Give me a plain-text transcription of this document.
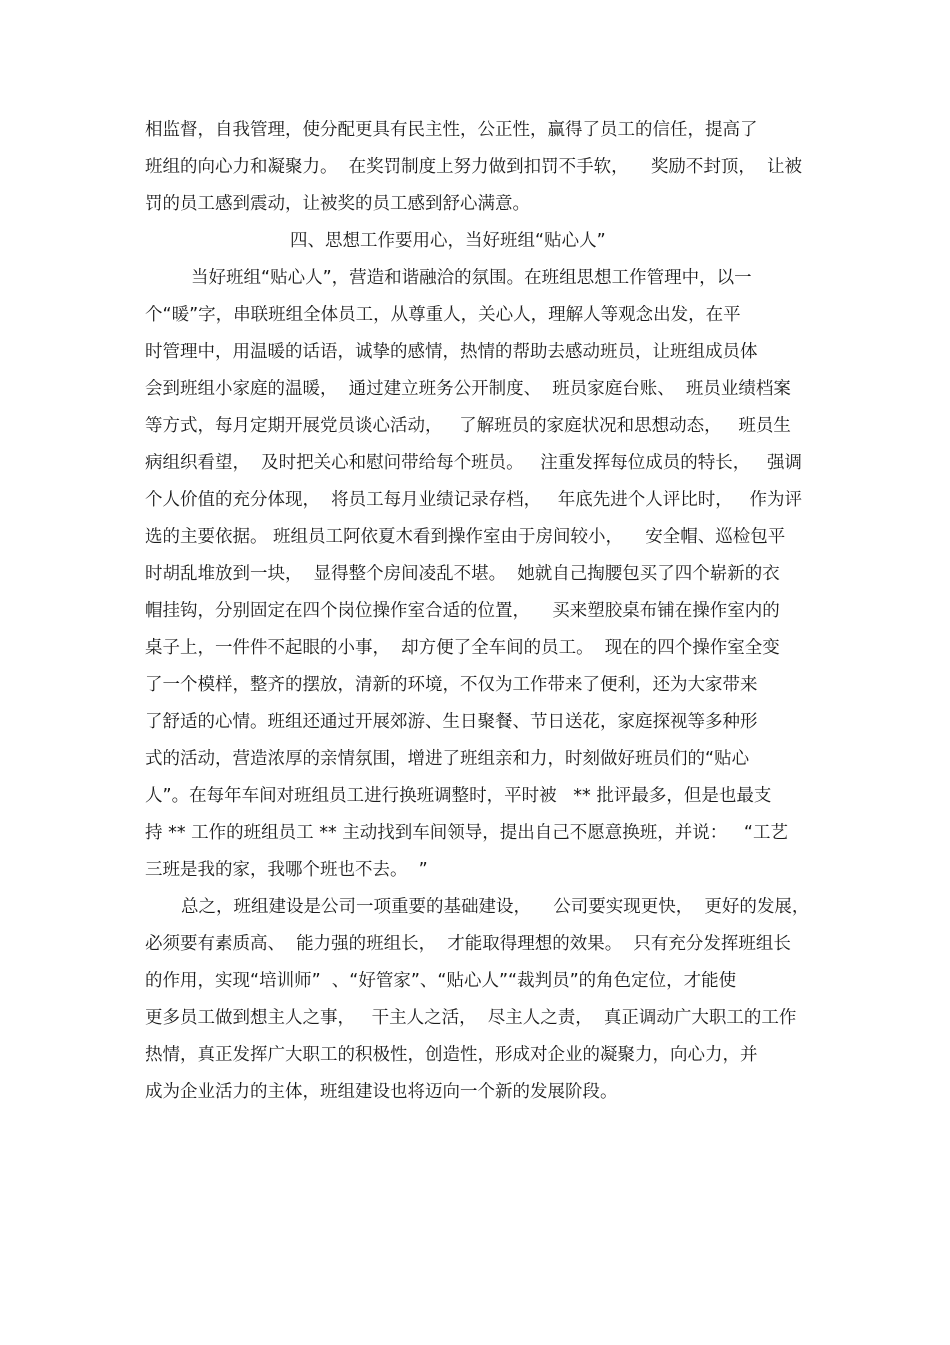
相监督，自我管理，使分配更具有民主性，公正性，赢得了员工的信任，提高了
班组的向心力和凝聚力。  在奖罚制度上努力做到扣罚不手软，    奖励不封顶，  让被
罚的员工感到震动，让被奖的员工感到舒心满意。
四、思想工作要用心，当好班组“贴心人”
当好班组“贴心人”，营造和谐融洽的氛围。在班组思想工作管理中，以一
个“暖”字，串联班组全体员工，从尊重人，关心人，理解人等观念出发，在平
时管理中，用温暖的话语，诚挚的感情，热情的帮助去感动班员，让班组成员体
会到班组小家庭的温暖，  通过建立班务公开制度、  班员家庭台账、  班员业绩档案
等方式，每月定期开展党员谈心活动，   了解班员的家庭状况和思想动态，   班员生
病组织看望，  及时把关心和慰问带给每个班员。   注重发挥每位成员的特长，   强调
个人价值的充分体现，  将员工每月业绩记录存档，   年底先进个人评比时，   作为评
选的主要依据。 班组员工阿依夏木看到操作室由于房间较小，    安全帽、巡检包平
时胡乱堆放到一块，  显得整个房间凌乱不堪。  她就自己掏腰包买了四个崭新的衣
帽挂钩，分别固定在四个岗位操作室合适的位置，    买来塑胶桌布铺在操作室内的
桌子上，一件件不起眼的小事，  却方便了全车间的员工。  现在的四个操作室全变
了一个模样，整齐的摆放，清新的环境，不仅为工作带来了便利，还为大家带来
了舒适的心情。班组还通过开展郊游、生日聚餐、节日送花，家庭探视等多种形
式的活动，营造浓厚的亲情氛围，增进了班组亲和力，时刻做好班员们的“贴心
人”。在每年车间对班组员工进行换班调整时，平时被   ** 批评最多，但是也最支
持 ** 工作的班组员工 ** 主动找到车间领导，提出自己不愿意换班，并说：   “工艺
三班是我的家，我哪个班也不去。  ”
总之，班组建设是公司一项重要的基础建设，    公司要实现更快，  更好的发展，
必须要有素质高、  能力强的班组长，  才能取得理想的效果。  只有充分发挥班组长
的作用，实现“培训师”  、“好管家”、“贴心人”“裁判员”的角色定位，才能使
更多员工做到想主人之事，   干主人之活，  尽主人之责，  真正调动广大职工的工作
热情，真正发挥广大职工的积极性，创造性，形成对企业的凝聚力，向心力，并
成为企业活力的主体，班组建设也将迈向一个新的发展阶段。
